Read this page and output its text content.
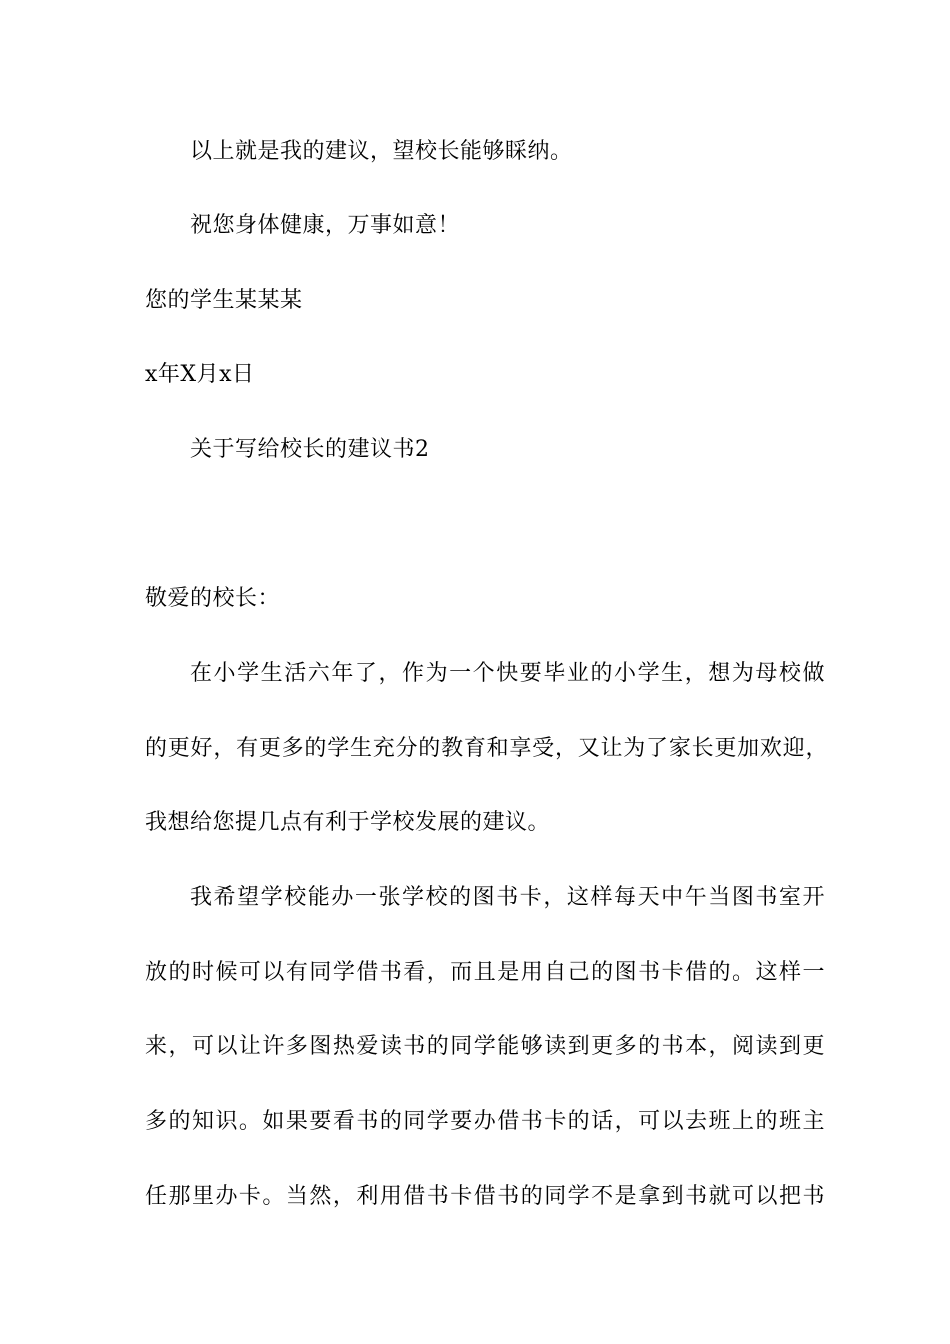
以上就是我的建议，望校长能够睬纳。
祝您身体健康，万事如意！
您的学生某某某
x年X月x日
关于写给校长的建议书2
敬爱的校长：
在小学生活六年了，作为一个快要毕业的小学生，想为母校做
的更好，有更多的学生充分的教育和享受，又让为了家长更加欢迎，
我想给您提几点有利于学校发展的建议。
我希望学校能办一张学校的图书卡，这样每天中午当图书室开
放的时候可以有同学借书看，而且是用自己的图书卡借的。这样一
来，可以让许多图热爱读书的同学能够读到更多的书本，阅读到更
多的知识。如果要看书的同学要办借书卡的话，可以去班上的班主
任那里办卡。当然，利用借书卡借书的同学不是拿到书就可以把书
